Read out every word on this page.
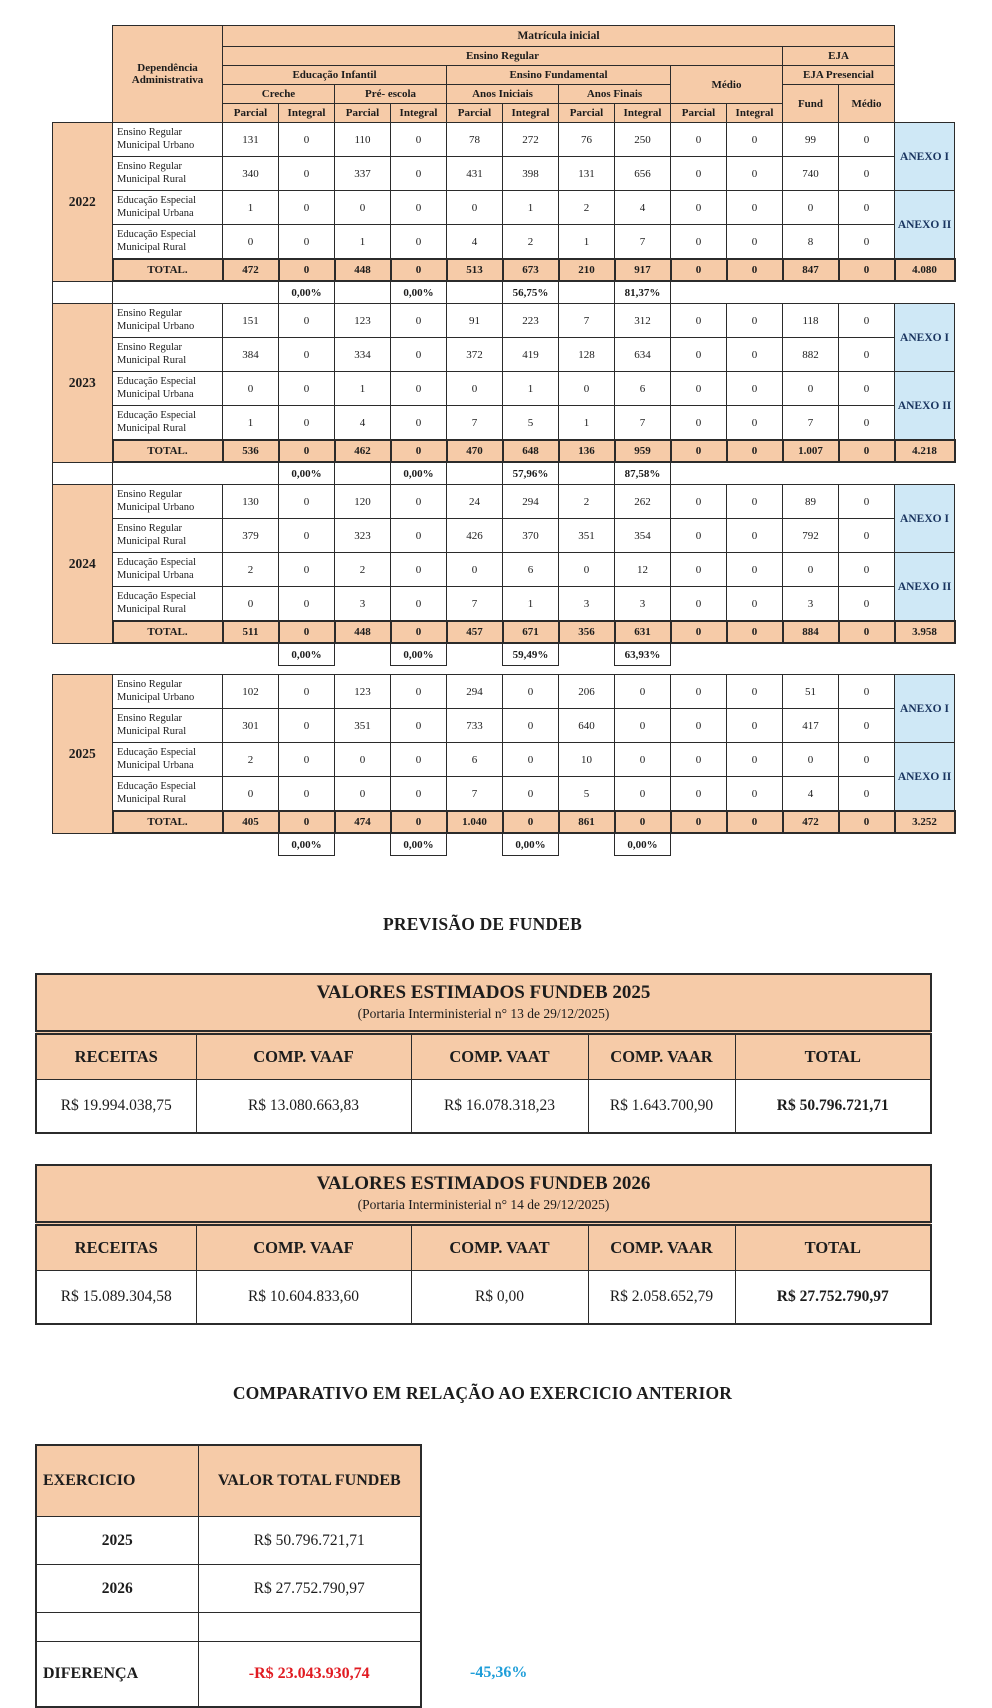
	Dependência Administrativa	Matrícula inicial												
		Ensino Regular										EJA		
		Educação Infantil				Ensino Fundamental				Médio		EJA Presencial		
		Creche		Pré- escola		Anos Iniciais		Anos Finais				Fund	Médio	
		Parcial	Integral	Parcial	Integral	Parcial	Integral	Parcial	Integral	Parcial	Integral			
2022	Ensino Regular Municipal Urbano	131	0	110	0	78	272	76	250	0	0	99	0	ANEXO I
	Ensino Regular Municipal Rural	340	0	337	0	431	398	131	656	0	0	740	0	
	Educação Especial Municipal Urbana	1	0	0	0	0	1	2	4	0	0	0	0	ANEXO II
	Educação Especial Municipal Rural	0	0	1	0	4	2	1	7	0	0	8	0	
	TOTAL.	472	0	448	0	513	673	210	917	0	0	847	0	4.080
			0,00%		0,00%		56,75%		81,37%					
2023	Ensino Regular Municipal Urbano	151	0	123	0	91	223	7	312	0	0	118	0	ANEXO I
	Ensino Regular Municipal Rural	384	0	334	0	372	419	128	634	0	0	882	0	
	Educação Especial Municipal Urbana	0	0	1	0	0	1	0	6	0	0	0	0	ANEXO II
	Educação Especial Municipal Rural	1	0	4	0	7	5	1	7	0	0	7	0	
	TOTAL.	536	0	462	0	470	648	136	959	0	0	1.007	0	4.218
			0,00%		0,00%		57,96%		87,58%					
2024	Ensino Regular Municipal Urbano	130	0	120	0	24	294	2	262	0	0	89	0	ANEXO I
	Ensino Regular Municipal Rural	379	0	323	0	426	370	351	354	0	0	792	0	
	Educação Especial Municipal Urbana	2	0	2	0	0	6	0	12	0	0	0	0	ANEXO II
	Educação Especial Municipal Rural	0	0	3	0	7	1	3	3	0	0	3	0	
	TOTAL.	511	0	448	0	457	671	356	631	0	0	884	0	3.958
			0,00%		0,00%		59,49%		63,93%					
2025	Ensino Regular Municipal Urbano	102	0	123	0	294	0	206	0	0	0	51	0	ANEXO I
	Ensino Regular Municipal Rural	301	0	351	0	733	0	640	0	0	0	417	0	
	Educação Especial Municipal Urbana	2	0	0	0	6	0	10	0	0	0	0	0	ANEXO II
	Educação Especial Municipal Rural	0	0	0	0	7	0	5	0	0	0	4	0	
	TOTAL.	405	0	474	0	1.040	0	861	0	0	0	472	0	3.252
			0,00%		0,00%		0,00%		0,00%					
PREVISÃO DE FUNDEB
VALORES ESTIMADOS FUNDEB 2025
(Portaria Interministerial n° 13 de 29/12/2025)				

RECEITAS	COMP. VAAF	COMP. VAAT	COMP. VAAR	TOTAL
R$ 19.994.038,75	R$ 13.080.663,83	R$ 16.078.318,23	R$ 1.643.700,90	R$ 50.796.721,71
VALORES ESTIMADOS FUNDEB 2026
(Portaria Interministerial n° 14 de 29/12/2025)				

RECEITAS	COMP. VAAF	COMP. VAAT	COMP. VAAR	TOTAL
R$ 15.089.304,58	R$ 10.604.833,60	R$ 0,00	R$ 2.058.652,79	R$ 27.752.790,97
COMPARATIVO EM RELAÇÃO AO EXERCICIO ANTERIOR
EXERCICIO	VALOR TOTAL FUNDEB
2025	R$ 50.796.721,71
2026	R$ 27.752.790,97

DIFERENÇA	-R$ 23.043.930,74	-45,36%
